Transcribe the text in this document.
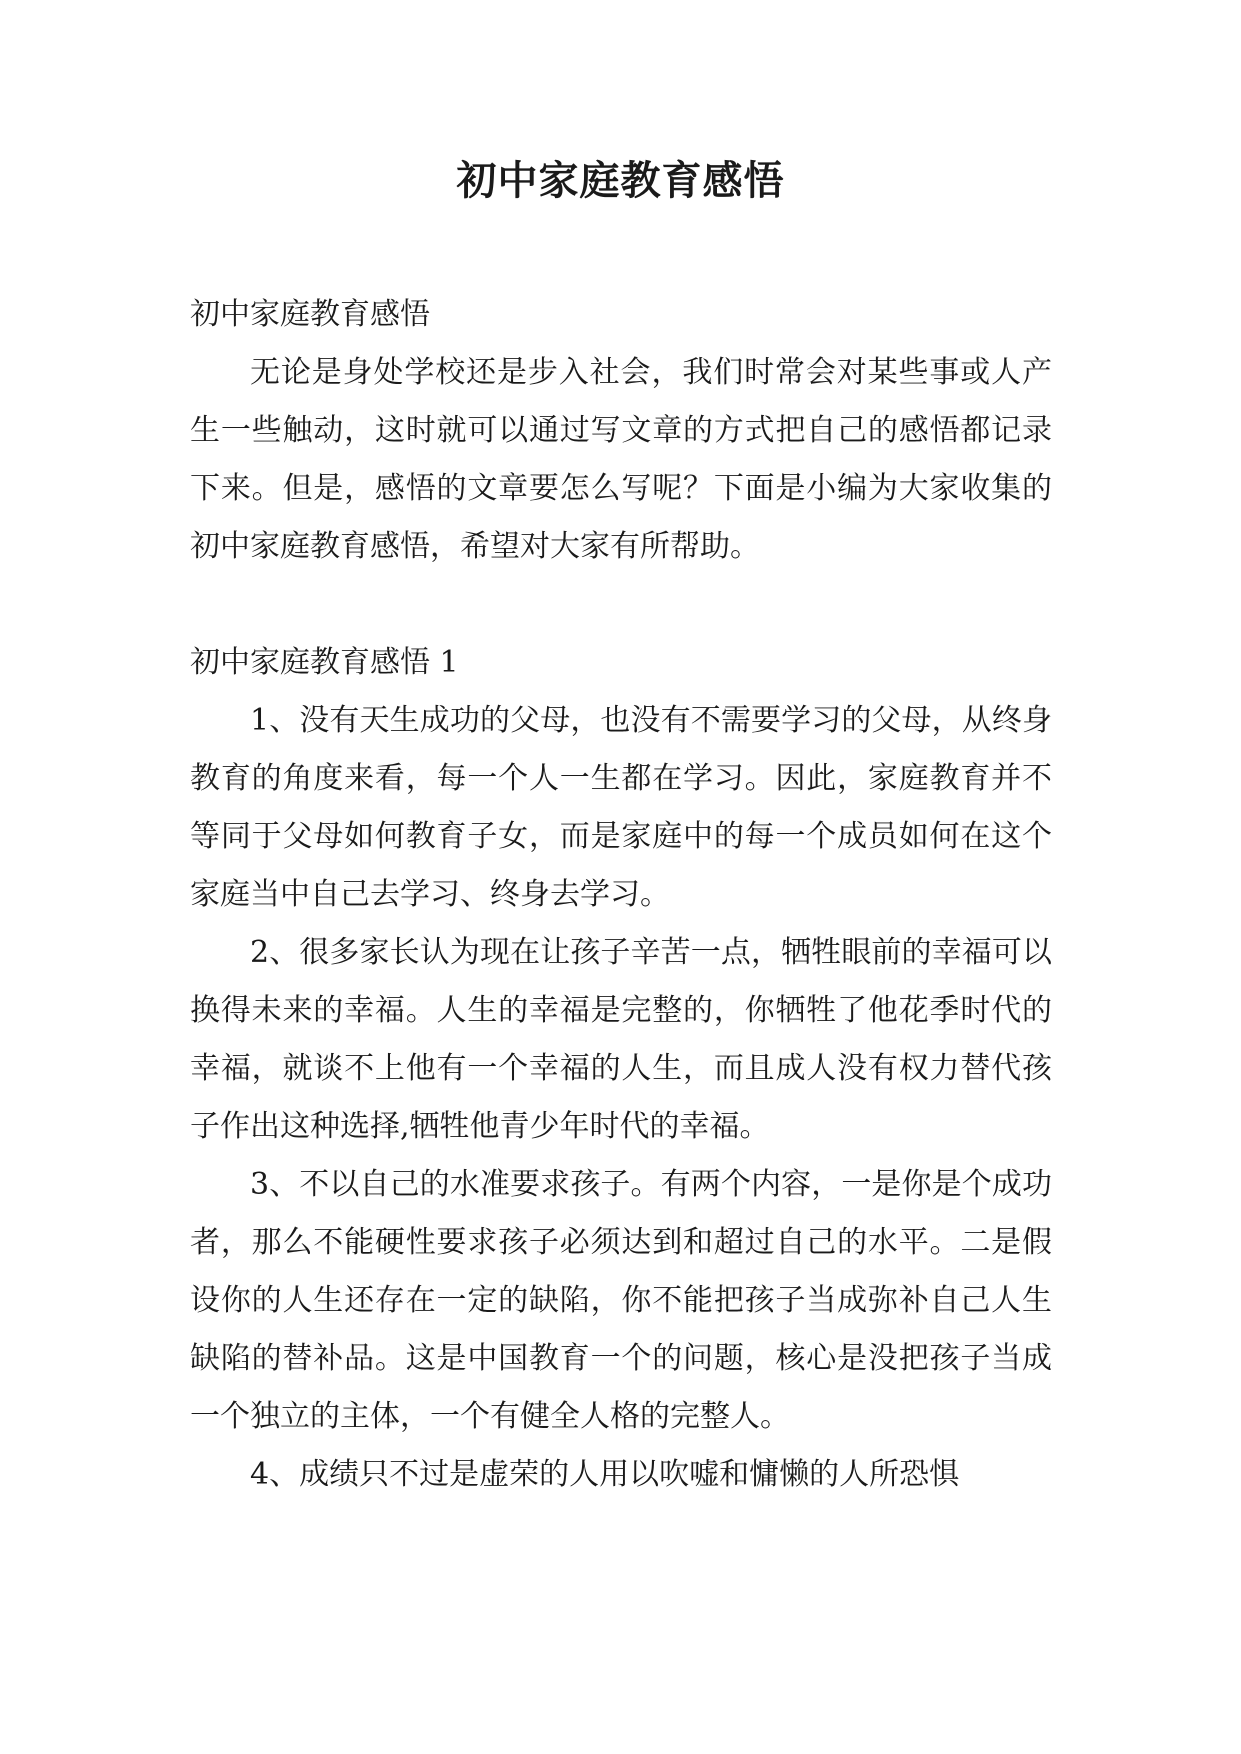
初中家庭教育感悟

初中家庭教育感悟

无论是身处学校还是步入社会，我们时常会对某些事或人产生一些触动，这时就可以通过写文章的方式把自己的感悟都记录下来。但是，感悟的文章要怎么写呢？下面是小编为大家收集的初中家庭教育感悟，希望对大家有所帮助。

初中家庭教育感悟 1

1、没有天生成功的父母，也没有不需要学习的父母，从终身教育的角度来看，每一个人一生都在学习。因此，家庭教育并不等同于父母如何教育子女，而是家庭中的每一个成员如何在这个家庭当中自己去学习、终身去学习。

2、很多家长认为现在让孩子辛苦一点，牺牲眼前的幸福可以换得未来的幸福。人生的幸福是完整的，你牺牲了他花季时代的幸福，就谈不上他有一个幸福的人生，而且成人没有权力替代孩子作出这种选择,牺牲他青少年时代的幸福。

3、不以自己的水准要求孩子。有两个内容，一是你是个成功者，那么不能硬性要求孩子必须达到和超过自己的水平。二是假设你的人生还存在一定的缺陷，你不能把孩子当成弥补自己人生缺陷的替补品。这是中国教育一个的问题，核心是没把孩子当成一个独立的主体，一个有健全人格的完整人。

4、成绩只不过是虚荣的人用以吹嘘和慵懒的人所恐惧
